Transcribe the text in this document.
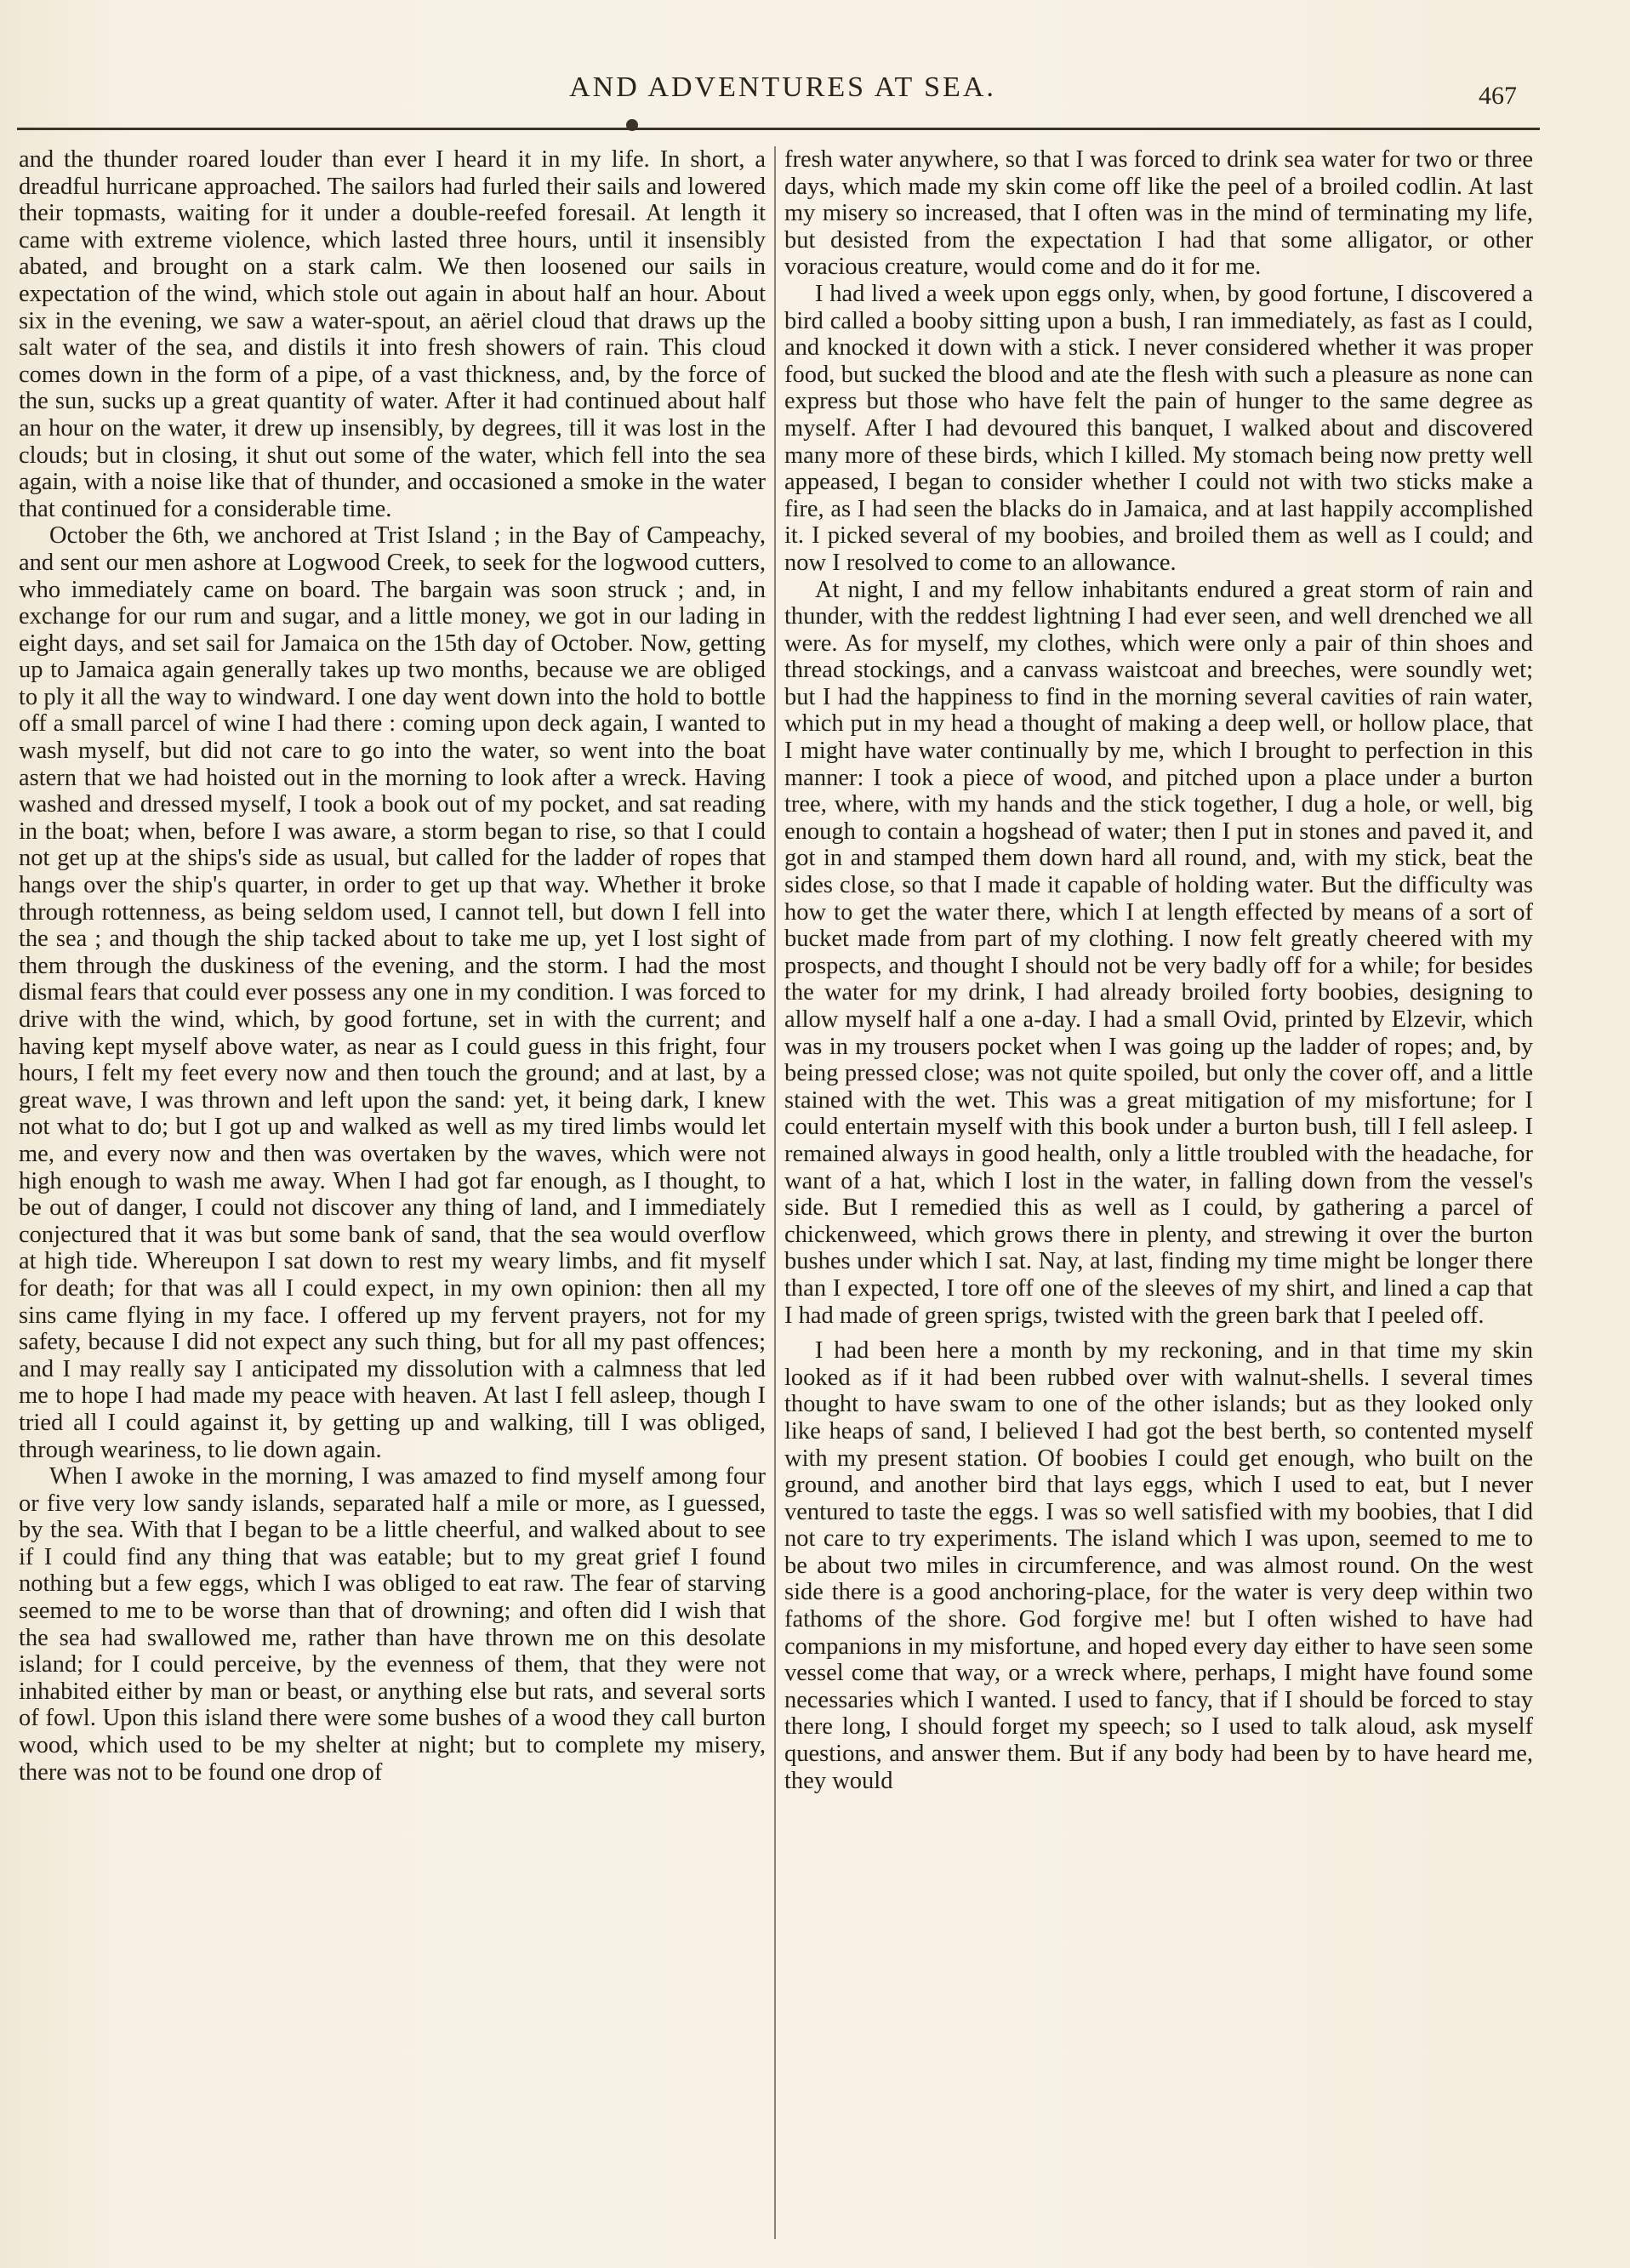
AND ADVENTURES AT SEA.	467

and the thunder roared louder than ever I heard it in my life. In short, a dreadful hurricane approached. The sailors had furled their sails and lowered their topmasts, waiting for it under a double-reefed foresail. At length it came with extreme violence, which lasted three hours, until it insensibly abated, and brought on a stark calm. We then loosened our sails in expectation of the wind, which stole out again in about half an hour. About six in the evening, we saw a water-spout, an aëriel cloud that draws up the salt water of the sea, and distils it into fresh showers of rain. This cloud comes down in the form of a pipe, of a vast thickness, and, by the force of the sun, sucks up a great quantity of water. After it had continued about half an hour on the water, it drew up insensibly, by degrees, till it was lost in the clouds; but in closing, it shut out some of the water, which fell into the sea again, with a noise like that of thunder, and occasioned a smoke in the water that continued for a considerable time.

October the 6th, we anchored at Trist Island ; in the Bay of Campeachy, and sent our men ashore at Logwood Creek, to seek for the logwood cutters, who immediately came on board. The bargain was soon struck ; and, in exchange for our rum and sugar, and a little money, we got in our lading in eight days, and set sail for Jamaica on the 15th day of October. Now, getting up to Jamaica again generally takes up two months, because we are obliged to ply it all the way to windward. I one day went down into the hold to bottle off a small parcel of wine I had there : coming upon deck again, I wanted to wash myself, but did not care to go into the water, so went into the boat astern that we had hoisted out in the morning to look after a wreck. Having washed and dressed myself, I took a book out of my pocket, and sat reading in the boat; when, before I was aware, a storm began to rise, so that I could not get up at the ships's side as usual, but called for the ladder of ropes that hangs over the ship's quarter, in order to get up that way. Whether it broke through rottenness, as being seldom used, I cannot tell, but down I fell into the sea ; and though the ship tacked about to take me up, yet I lost sight of them through the duskiness of the evening, and the storm. I had the most dismal fears that could ever possess any one in my condition. I was forced to drive with the wind, which, by good fortune, set in with the current; and having kept myself above water, as near as I could guess in this fright, four hours, I felt my feet every now and then touch the ground; and at last, by a great wave, I was thrown and left upon the sand: yet, it being dark, I knew not what to do; but I got up and walked as well as my tired limbs would let me, and every now and then was overtaken by the waves, which were not high enough to wash me away. When I had got far enough, as I thought, to be out of danger, I could not discover any thing of land, and I immediately conjectured that it was but some bank of sand, that the sea would overflow at high tide. Whereupon I sat down to rest my weary limbs, and fit myself for death; for that was all I could expect, in my own opinion: then all my sins came flying in my face. I offered up my fervent prayers, not for my safety, because I did not expect any such thing, but for all my past offences; and I may really say I anticipated my dissolution with a calmness that led me to hope I had made my peace with heaven. At last I fell asleep, though I tried all I could against it, by getting up and walking, till I was obliged, through weariness, to lie down again.

When I awoke in the morning, I was amazed to find myself among four or five very low sandy islands, separated half a mile or more, as I guessed, by the sea. With that I began to be a little cheerful, and walked about to see if I could find any thing that was eatable; but to my great grief I found nothing but a few eggs, which I was obliged to eat raw. The fear of starving seemed to me to be worse than that of drowning; and often did I wish that the sea had swallowed me, rather than have thrown me on this desolate island; for I could perceive, by the evenness of them, that they were not inhabited either by man or beast, or anything else but rats, and several sorts of fowl. Upon this island there were some bushes of a wood they call burton wood, which used to be my shelter at night; but to complete my misery, there was not to be found one drop of

fresh water anywhere, so that I was forced to drink sea water for two or three days, which made my skin come off like the peel of a broiled codlin. At last my misery so increased, that I often was in the mind of terminating my life, but desisted from the expectation I had that some alligator, or other voracious creature, would come and do it for me.

I had lived a week upon eggs only, when, by good fortune, I discovered a bird called a booby sitting upon a bush, I ran immediately, as fast as I could, and knocked it down with a stick. I never considered whether it was proper food, but sucked the blood and ate the flesh with such a pleasure as none can express but those who have felt the pain of hunger to the same degree as myself. After I had devoured this banquet, I walked about and discovered many more of these birds, which I killed. My stomach being now pretty well appeased, I began to consider whether I could not with two sticks make a fire, as I had seen the blacks do in Jamaica, and at last happily accomplished it. I picked several of my boobies, and broiled them as well as I could; and now I resolved to come to an allowance.

At night, I and my fellow inhabitants endured a great storm of rain and thunder, with the reddest lightning I had ever seen, and well drenched we all were. As for myself, my clothes, which were only a pair of thin shoes and thread stockings, and a canvass waistcoat and breeches, were soundly wet; but I had the happiness to find in the morning several cavities of rain water, which put in my head a thought of making a deep well, or hollow place, that I might have water continually by me, which I brought to perfection in this manner: I took a piece of wood, and pitched upon a place under a burton tree, where, with my hands and the stick together, I dug a hole, or well, big enough to contain a hogshead of water; then I put in stones and paved it, and got in and stamped them down hard all round, and, with my stick, beat the sides close, so that I made it capable of holding water. But the difficulty was how to get the water there, which I at length effected by means of a sort of bucket made from part of my clothing. I now felt greatly cheered with my prospects, and thought I should not be very badly off for a while; for besides the water for my drink, I had already broiled forty boobies, designing to allow myself half a one a-day. I had a small Ovid, printed by Elzevir, which was in my trousers pocket when I was going up the ladder of ropes; and, by being pressed close; was not quite spoiled, but only the cover off, and a little stained with the wet. This was a great mitigation of my misfortune; for I could entertain myself with this book under a burton bush, till I fell asleep. I remained always in good health, only a little troubled with the headache, for want of a hat, which I lost in the water, in falling down from the vessel's side. But I remedied this as well as I could, by gathering a parcel of chickenweed, which grows there in plenty, and strewing it over the burton bushes under which I sat. Nay, at last, finding my time might be longer there than I expected, I tore off one of the sleeves of my shirt, and lined a cap that I had made of green sprigs, twisted with the green bark that I peeled off.

I had been here a month by my reckoning, and in that time my skin looked as if it had been rubbed over with walnut-shells. I several times thought to have swam to one of the other islands; but as they looked only like heaps of sand, I believed I had got the best berth, so contented myself with my present station. Of boobies I could get enough, who built on the ground, and another bird that lays eggs, which I used to eat, but I never ventured to taste the eggs. I was so well satisfied with my boobies, that I did not care to try experiments. The island which I was upon, seemed to me to be about two miles in circumference, and was almost round. On the west side there is a good anchoring-place, for the water is very deep within two fathoms of the shore. God forgive me! but I often wished to have had companions in my misfortune, and hoped every day either to have seen some vessel come that way, or a wreck where, perhaps, I might have found some necessaries which I wanted. I used to fancy, that if I should be forced to stay there long, I should forget my speech; so I used to talk aloud, ask myself questions, and answer them. But if any body had been by to have heard me, they would
